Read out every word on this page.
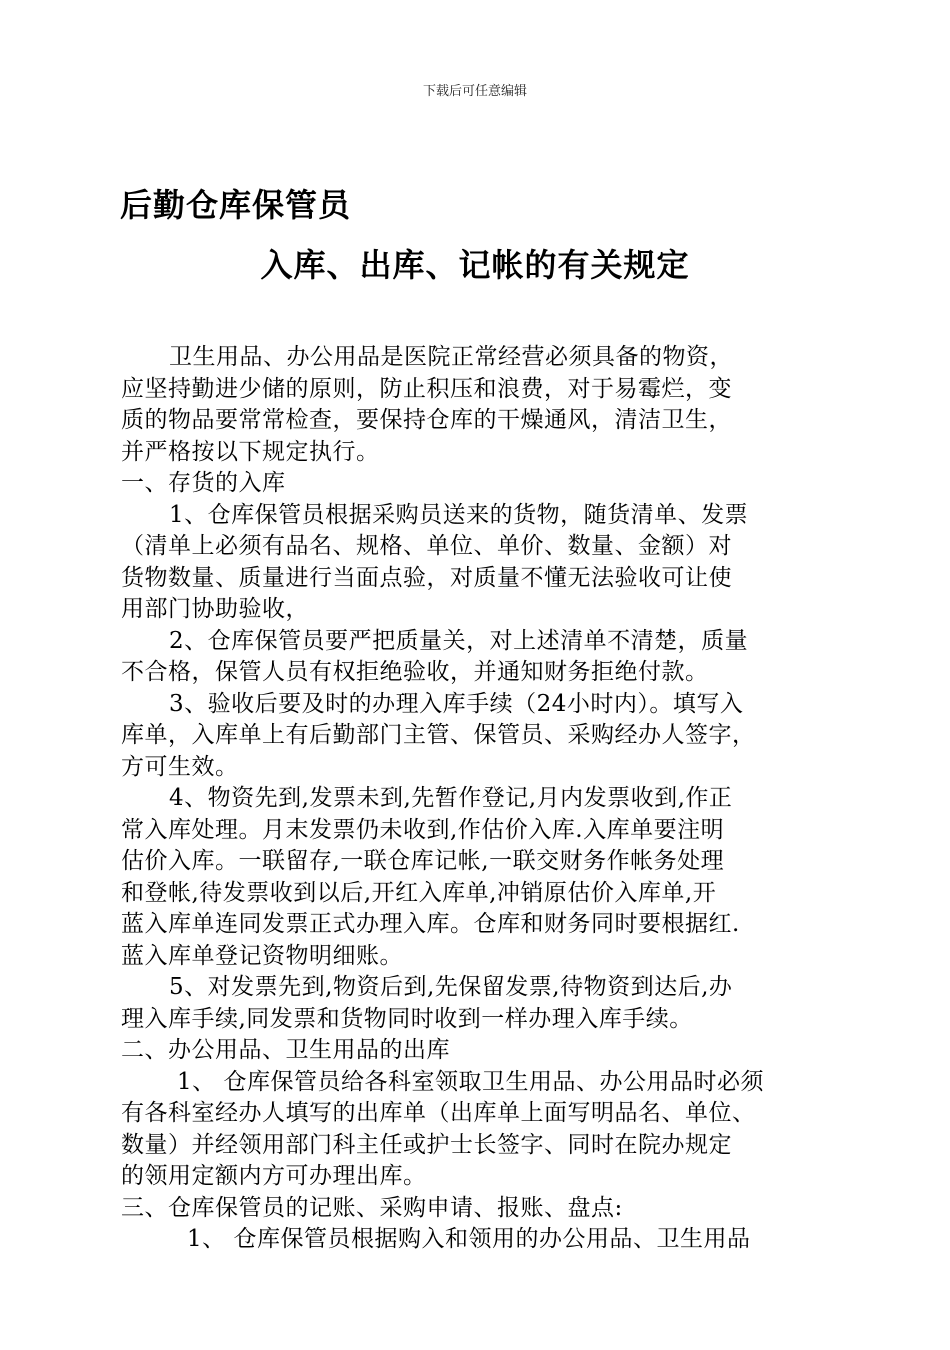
下载后可任意编辑
后勤仓库保管员
入库、出库、记帐的有关规定
卫生用品、办公用品是医院正常经营必须具备的物资，
应坚持勤进少储的原则，防止积压和浪费，对于易霉烂，变
质的物品要常常检查，要保持仓库的干燥通风，清洁卫生，
并严格按以下规定执行。
一、存货的入库
1、仓库保管员根据采购员送来的货物，随货清单、发票
（清单上必须有品名、规格、单位、单价、数量、金额）对
货物数量、质量进行当面点验，对质量不懂无法验收可让使
用部门协助验收，
2、仓库保管员要严把质量关，对上述清单不清楚，质量
不合格，保管人员有权拒绝验收，并通知财务拒绝付款。
3、验收后要及时的办理入库手续（24小时内）。填写入
库单，入库单上有后勤部门主管、保管员、采购经办人签字，
方可生效。
4、物资先到,发票未到,先暂作登记,月内发票收到,作正
常入库处理。月末发票仍未收到,作估价入库.入库单要注明
估价入库。一联留存,一联仓库记帐,一联交财务作帐务处理
和登帐,待发票收到以后,开红入库单,冲销原估价入库单,开
蓝入库单连同发票正式办理入库。仓库和财务同时要根据红.
蓝入库单登记资物明细账。
5、对发票先到,物资后到,先保留发票,待物资到达后,办
理入库手续,同发票和货物同时收到一样办理入库手续。
二、办公用品、卫生用品的出库
1、 仓库保管员给各科室领取卫生用品、办公用品时必须
有各科室经办人填写的出库单（出库单上面写明品名、单位、
数量）并经领用部门科主任或护士长签字、同时在院办规定
的领用定额内方可办理出库。
三、仓库保管员的记账、采购申请、报账、盘点:
1、 仓库保管员根据购入和领用的办公用品、卫生用品
